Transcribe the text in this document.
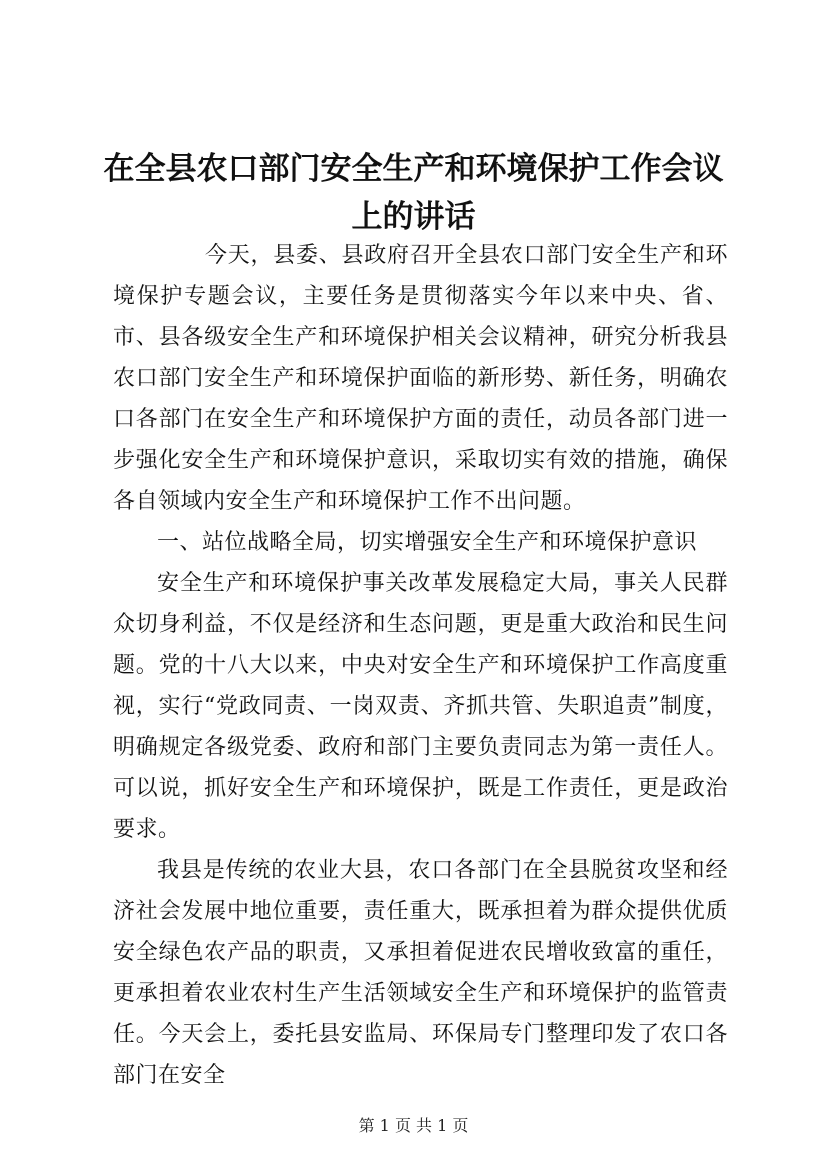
在全县农口部门安全生产和环境保护工作会议
上的讲话

今天，县委、县政府召开全县农口部门安全生产和环境保护专题会议，主要任务是贯彻落实今年以来中央、省、市、县各级安全生产和环境保护相关会议精神，研究分析我县农口部门安全生产和环境保护面临的新形势、新任务，明确农口各部门在安全生产和环境保护方面的责任，动员各部门进一步强化安全生产和环境保护意识，采取切实有效的措施，确保各自领域内安全生产和环境保护工作不出问题。

一、站位战略全局，切实增强安全生产和环境保护意识

安全生产和环境保护事关改革发展稳定大局，事关人民群众切身利益，不仅是经济和生态问题，更是重大政治和民生问题。党的十八大以来，中央对安全生产和环境保护工作高度重视，实行“党政同责、一岗双责、齐抓共管、失职追责”制度，明确规定各级党委、政府和部门主要负责同志为第一责任人。可以说，抓好安全生产和环境保护，既是工作责任，更是政治要求。

我县是传统的农业大县，农口各部门在全县脱贫攻坚和经济社会发展中地位重要，责任重大，既承担着为群众提供优质安全绿色农产品的职责，又承担着促进农民增收致富的重任，更承担着农业农村生产生活领域安全生产和环境保护的监管责任。今天会上，委托县安监局、环保局专门整理印发了农口各部门在安全

第 1 页 共 1 页
